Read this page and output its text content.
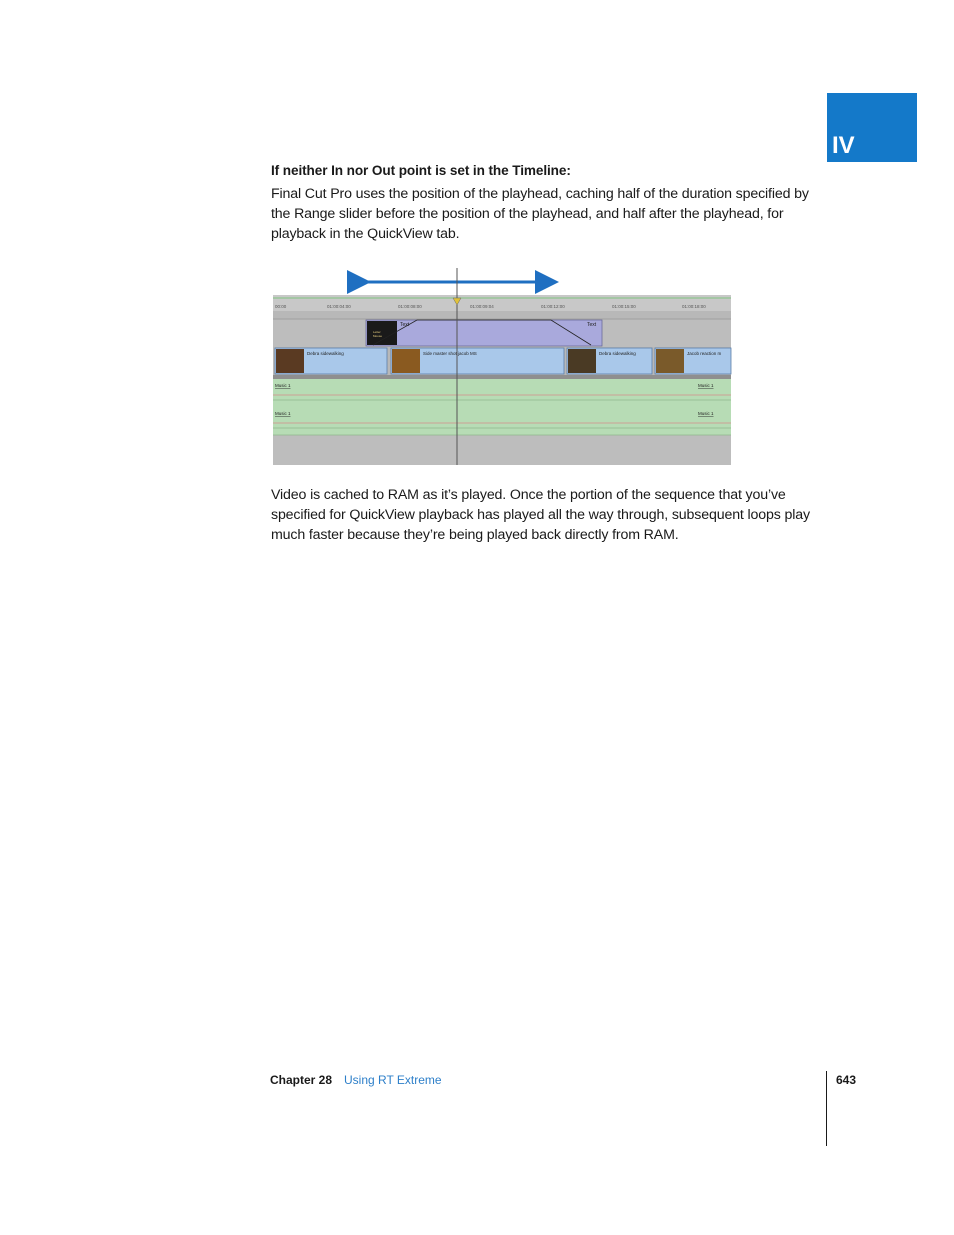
IV
If neither In nor Out point is set in the Timeline:
Final Cut Pro uses the position of the playhead, caching half of the duration specified by the Range slider before the position of the playhead, and half after the playhead, for playback in the QuickView tab.
00:00	01:00:04:00	01:00:08:00	01:00:09:04	01:00:12:00	01:00:15:00	01:00:18:00
Letter
Moose
Text	Text
Debra sidewalking	Side master shot jacob MS	Debra sidewalking	Jacob reaction m
Music 1	Music 1
Music 1	Music 1
Video is cached to RAM as it’s played. Once the portion of the sequence that you’ve specified for QuickView playback has played all the way through, subsequent loops play much faster because they’re being played back directly from RAM.
Chapter 28 Using RT Extreme	643
